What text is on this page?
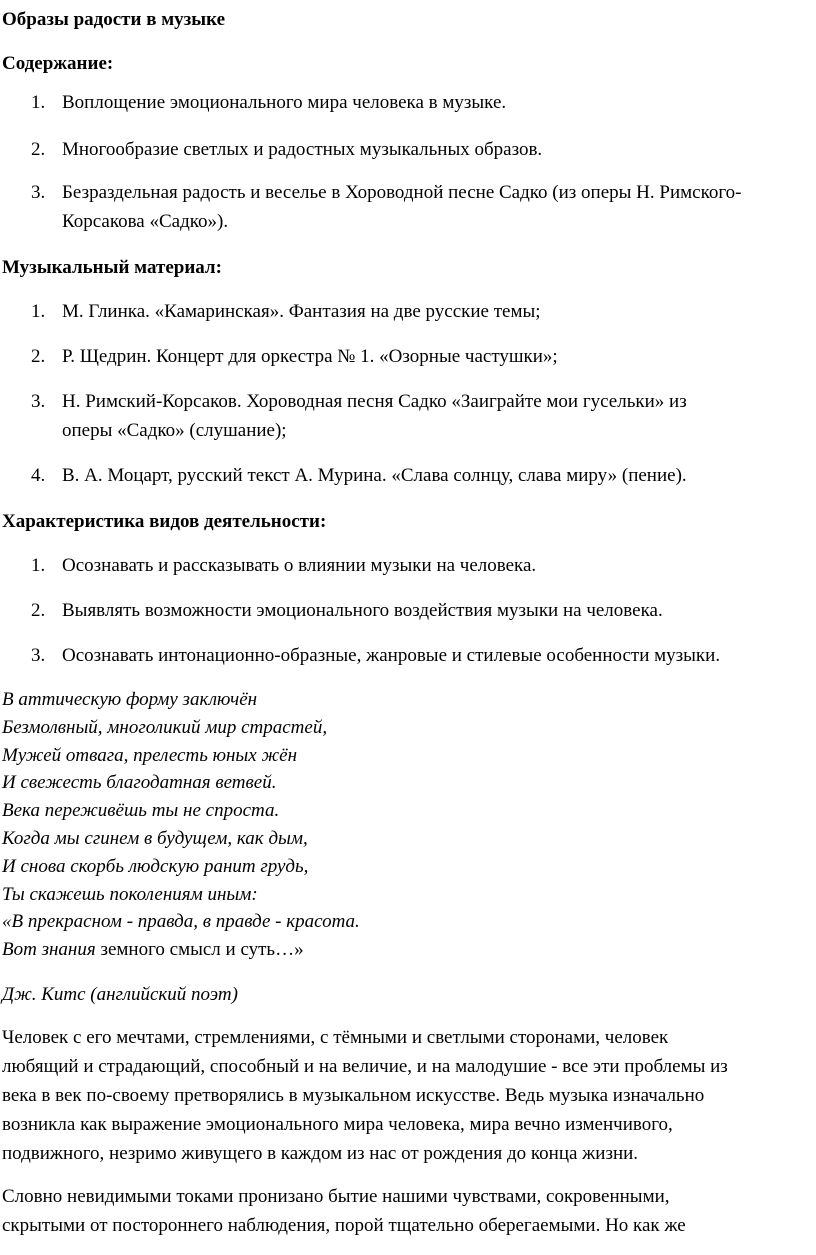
Образы радости в музыке
Содержание:
1. Воплощение эмоционального мира человека в музыке.
2. Многообразие светлых и радостных музыкальных образов.
3. Безраздельная радость и веселье в Хороводной песне Садко (из оперы Н. Римского-
Корсакова «Садко»).
Музыкальный материал:
1. М. Глинка. «Камаринская». Фантазия на две русские темы;
2. Р. Щедрин. Концерт для оркестра № 1. «Озорные частушки»;
3. Н. Римский-Корсаков. Хороводная песня Садко «Заиграйте мои гусельки» из
оперы «Садко» (слушание);
4. В. А. Моцарт, русский текст А. Мурина. «Слава солнцу, слава миру» (пение).
Характеристика видов деятельности:
1. Осознавать и рассказывать о влиянии музыки на человека.
2. Выявлять возможности эмоционального воздействия музыки на человека.
3. Осознавать интонационно-образные, жанровые и стилевые особенности музыки.
В аттическую форму заключён
Безмолвный, многоликий мир страстей,
Мужей отвага, прелесть юных жён
И свежесть благодатная ветвей.
Века переживёшь ты не спроста.
Когда мы сгинем в будущем, как дым,
И снова скорбь людскую ранит грудь,
Ты скажешь поколениям иным:
«В прекрасном - правда, в правде - красота.
Вот знания земного смысл и суть…»
Дж. Китс (английский поэт)
Человек с его мечтами, стремлениями, с тёмными и светлыми сторонами, человек
любящий и страдающий, способный и на величие, и на малодушие - все эти проблемы из
века в век по-своему претворялись в музыкальном искусстве. Ведь музыка изначально
возникла как выражение эмоционального мира человека, мира вечно изменчивого,
подвижного, незримо живущего в каждом из нас от рождения до конца жизни.
Словно невидимыми токами пронизано бытие нашими чувствами, сокровенными,
скрытыми от постороннего наблюдения, порой тщательно оберегаемыми. Но как же
